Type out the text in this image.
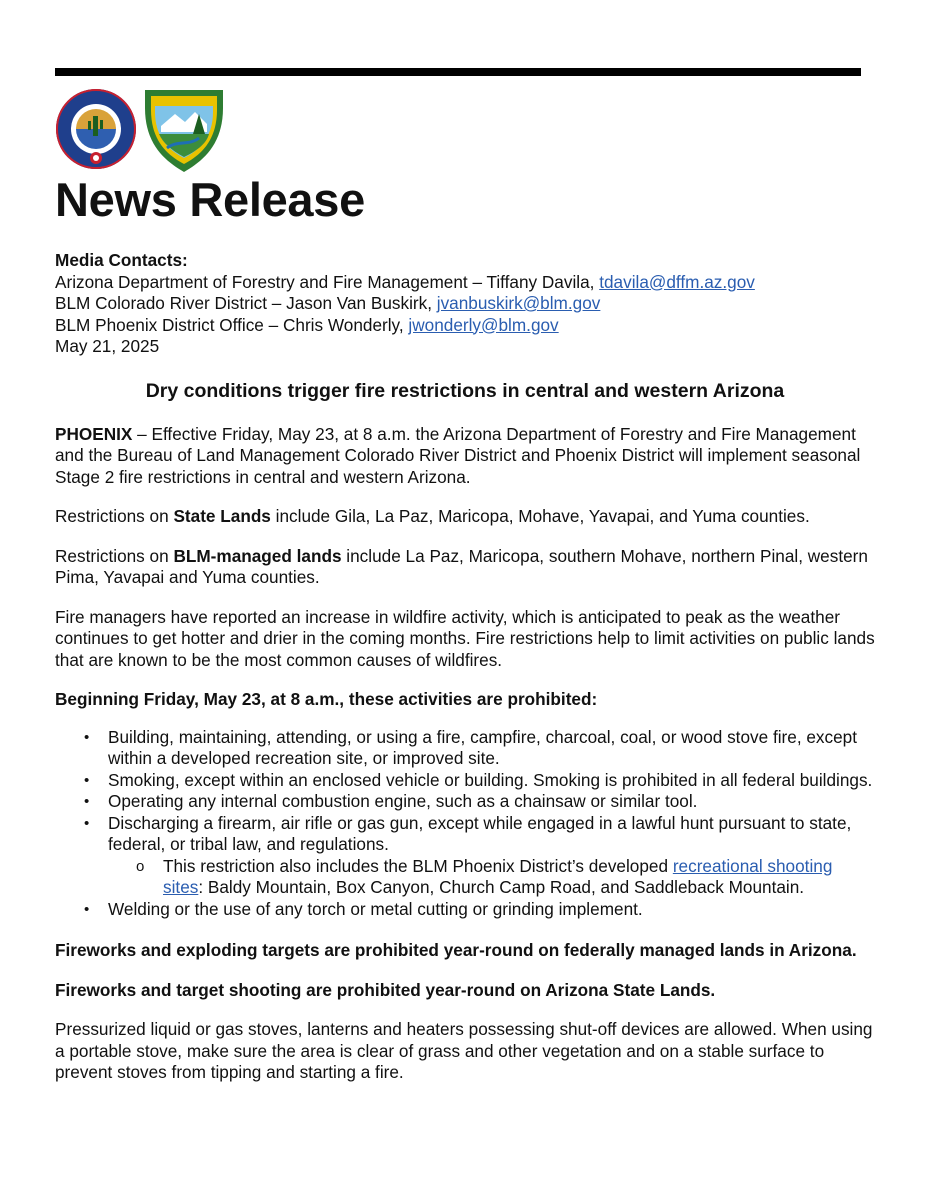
News Release

Media Contacts:

Arizona Department of Forestry and Fire Management – Tiffany Davila, tdavila@dffm.az.gov

BLM Colorado River District – Jason Van Buskirk, jvanbuskirk@blm.gov

BLM Phoenix District Office – Chris Wonderly, jwonderly@blm.gov

May 21, 2025

Dry conditions trigger fire restrictions in central and western Arizona

PHOENIX – Effective Friday, May 23, at 8 a.m. the Arizona Department of Forestry and Fire Management and the Bureau of Land Management Colorado River District and Phoenix District will implement seasonal Stage 2 fire restrictions in central and western Arizona.

Restrictions on State Lands include Gila, La Paz, Maricopa, Mohave, Yavapai, and Yuma counties.

Restrictions on BLM-managed lands include La Paz, Maricopa, southern Mohave, northern Pinal, western Pima, Yavapai and Yuma counties.

Fire managers have reported an increase in wildfire activity, which is anticipated to peak as the weather continues to get hotter and drier in the coming months. Fire restrictions help to limit activities on public lands that are known to be the most common causes of wildfires.

Beginning Friday, May 23, at 8 a.m., these activities are prohibited:

• Building, maintaining, attending, or using a fire, campfire, charcoal, coal, or wood stove fire, except within a developed recreation site, or improved site.
• Smoking, except within an enclosed vehicle or building. Smoking is prohibited in all federal buildings.
• Operating any internal combustion engine, such as a chainsaw or similar tool.
• Discharging a firearm, air rifle or gas gun, except while engaged in a lawful hunt pursuant to state, federal, or tribal law, and regulations.
o This restriction also includes the BLM Phoenix District’s developed recreational shooting sites: Baldy Mountain, Box Canyon, Church Camp Road, and Saddleback Mountain.
• Welding or the use of any torch or metal cutting or grinding implement.

Fireworks and exploding targets are prohibited year-round on federally managed lands in Arizona.

Fireworks and target shooting are prohibited year-round on Arizona State Lands.

Pressurized liquid or gas stoves, lanterns and heaters possessing shut-off devices are allowed. When using a portable stove, make sure the area is clear of grass and other vegetation and on a stable surface to prevent stoves from tipping and starting a fire.
